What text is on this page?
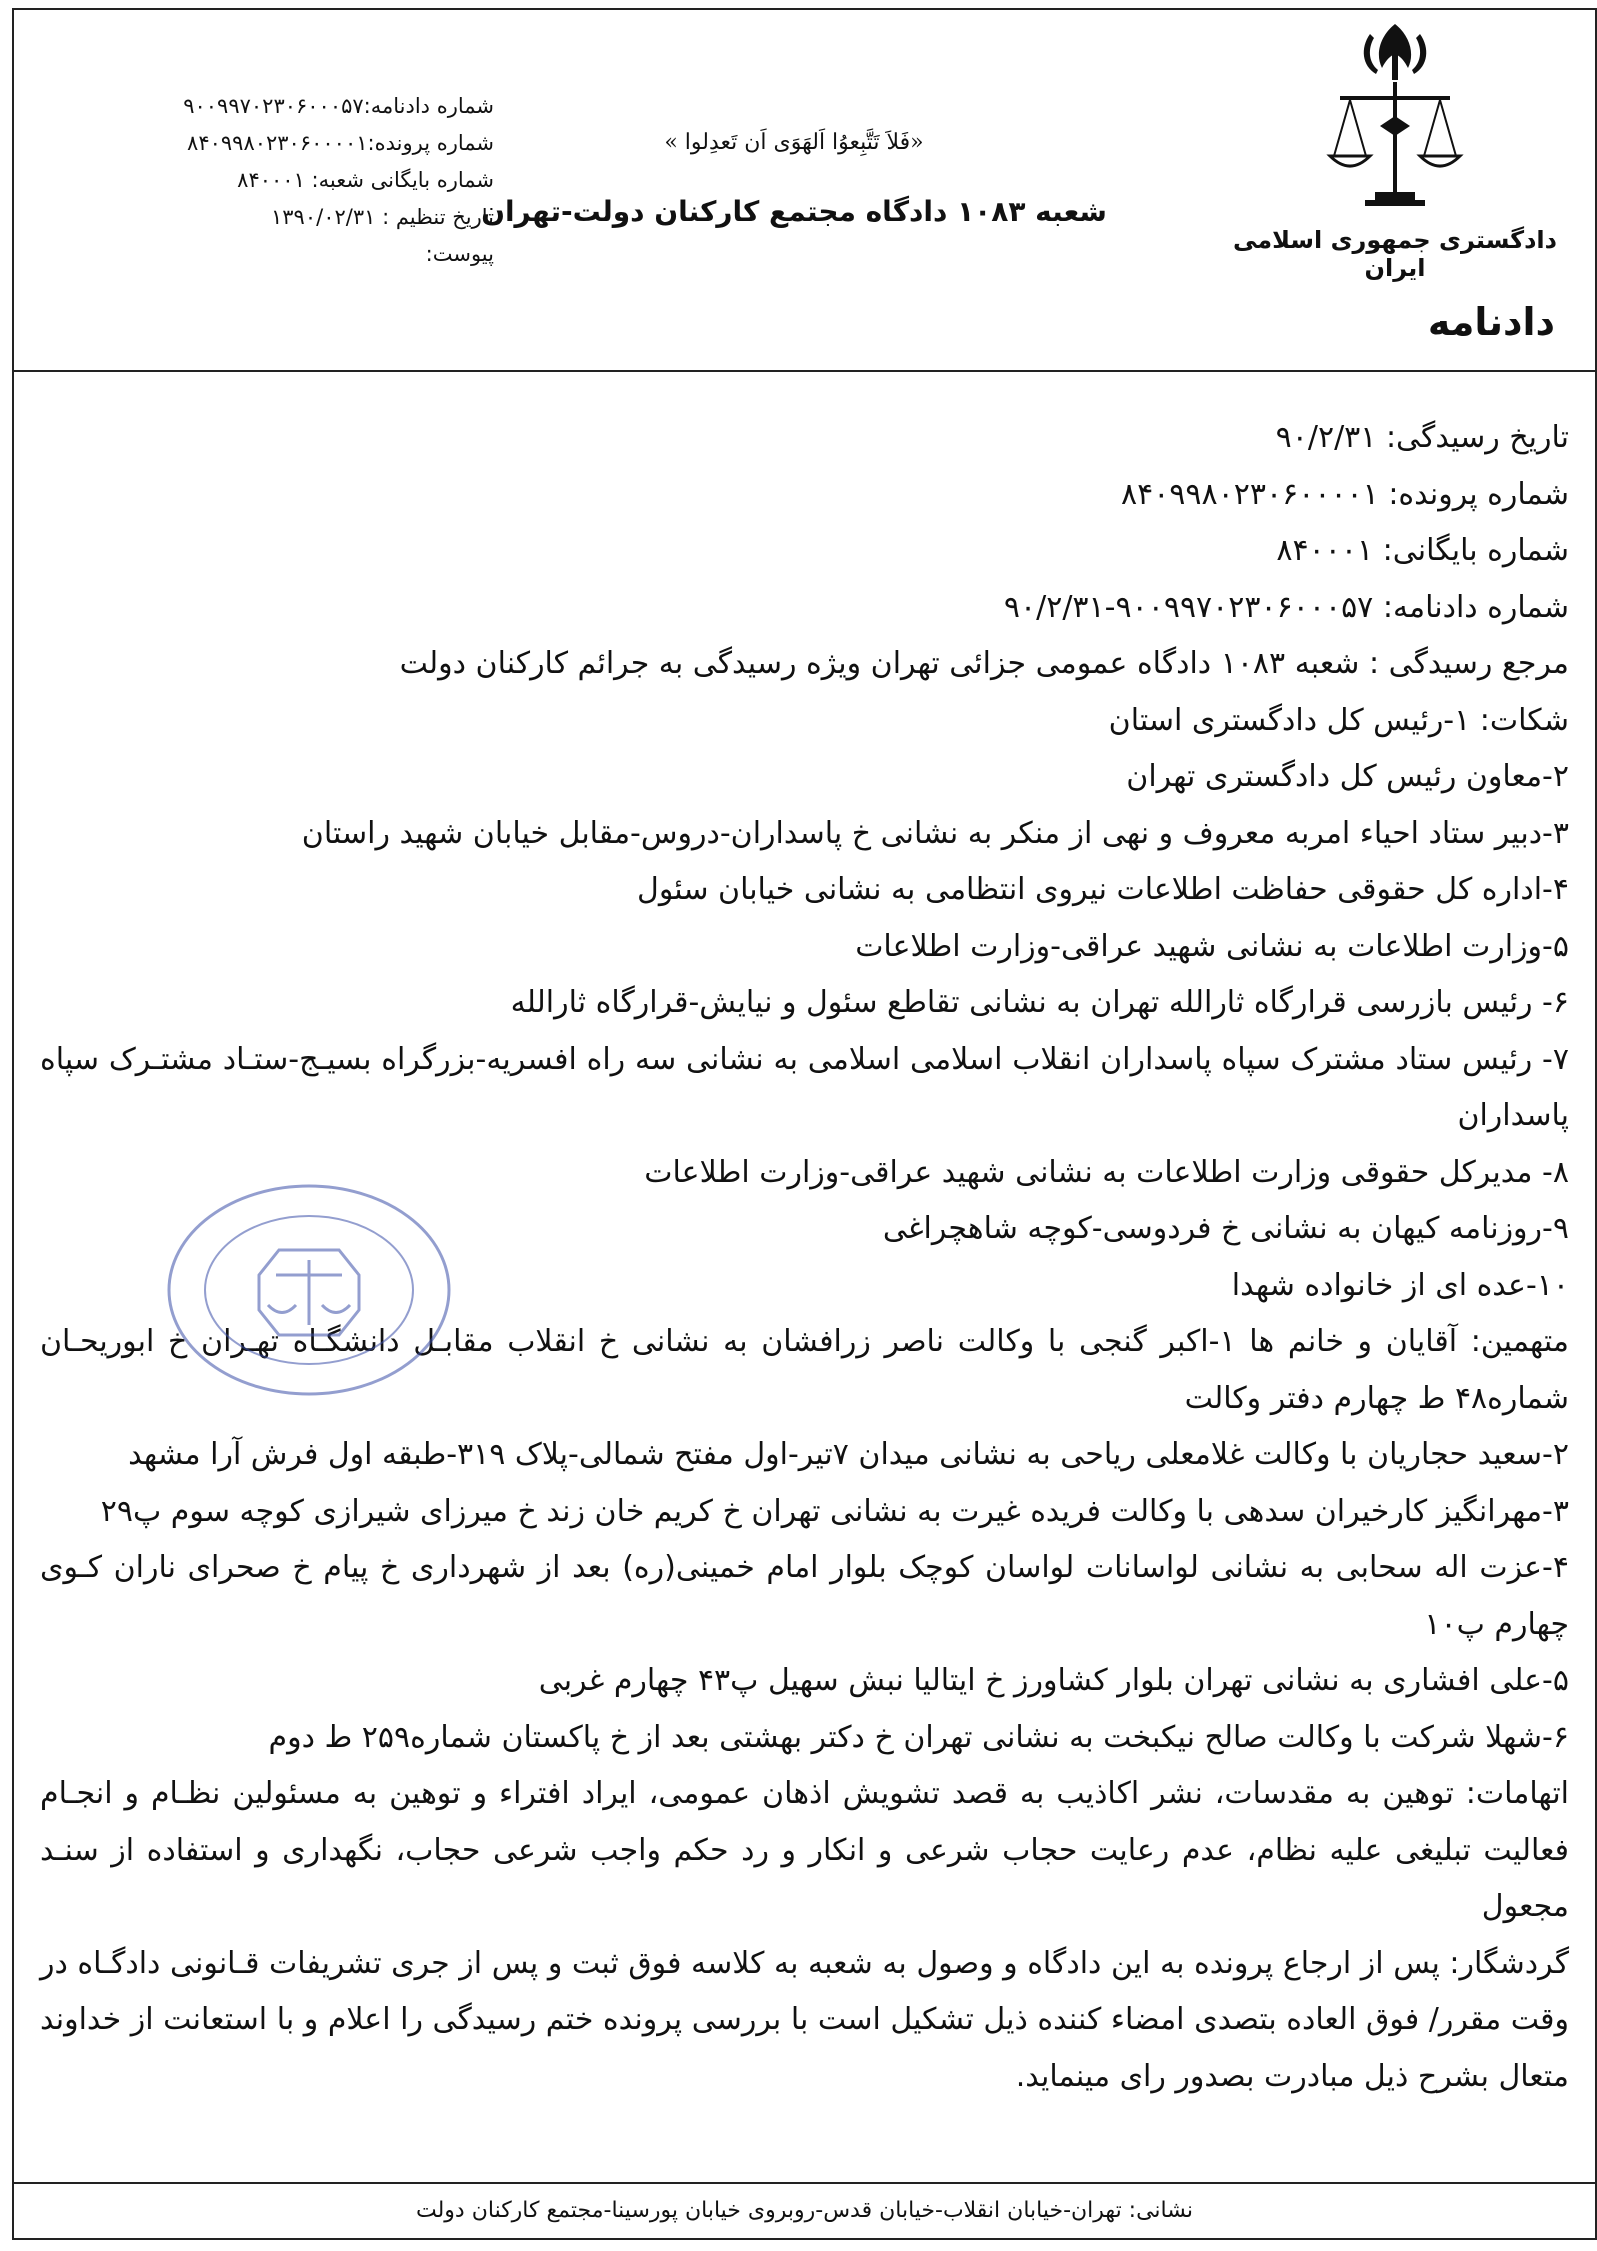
دادگستری جمهوری اسلامی ایران
دادنامه
«فَلاَ تَتَّبِعوُا اَلهَوَی اَن تَعدِلوا »
شعبه ۱۰۸۳ دادگاه مجتمع کارکنان دولت-تهران
شماره دادنامه:۹۰۰۹۹۷۰۲۳۰۶۰۰۰۵۷
شماره پرونده:۸۴۰۹۹۸۰۲۳۰۶۰۰۰۰۱
شماره بایگانی شعبه: ۸۴۰۰۰۱
تاریخ تنظیم : ۱۳۹۰/۰۲/۳۱
پیوست:

تاریخ رسیدگی: ۹۰/۲/۳۱

شماره پرونده: ۸۴۰۹۹۸۰۲۳۰۶۰۰۰۰۱

شماره بایگانی: ۸۴۰۰۰۱

شماره دادنامه: ۹۰۰۹۹۷۰۲۳۰۶۰۰۰۵۷-۹۰/۲/۳۱

مرجع رسیدگی : شعبه ۱۰۸۳ دادگاه عمومی جزائی تهران ویژه رسیدگی به جرائم کارکنان دولت

شکات: ۱-رئیس کل دادگستری استان

۲-معاون رئیس کل دادگستری تهران

۳-دبیر ستاد احیاء امربه معروف و نهی از منکر به نشانی خ پاسداران-دروس-مقابل خیابان شهید راستان

۴-اداره کل حقوقی حفاظت اطلاعات نیروی انتظامی به نشانی خیابان سئول

۵-وزارت اطلاعات به نشانی شهید عراقی-وزارت اطلاعات

۶- رئیس بازرسی قرارگاه ثارالله تهران به نشانی تقاطع سئول و نیایش-قرارگاه ثارالله

۷- رئیس ستاد مشترک سپاه پاسداران انقلاب اسلامی اسلامی به نشانی سه راه افسریه-بزرگراه بسیـج-ستـاد مشتـرک سپاه پاسداران

۸- مدیرکل حقوقی وزارت اطلاعات به نشانی شهید عراقی-وزارت اطلاعات

۹-روزنامه کیهان به نشانی خ فردوسی-کوچه شاهچراغی

۱۰-عده ای از خانواده شهدا

متهمین: آقایان و خانم ها ۱-اکبر گنجی با وکالت ناصر زرافشان به نشانی خ انقلاب مقابـل دانشگـاه تهـران خ ابوریحـان شماره۴۸ ط چهارم دفتر وکالت

۲-سعید حجاریان با وکالت غلامعلی ریاحی به نشانی میدان ۷تیر-اول مفتح شمالی-پلاک ۳۱۹-طبقه اول فرش آرا مشهد

۳-مهرانگیز کارخیران سدهی با وکالت فریده غیرت به نشانی تهران خ کریم خان زند خ میرزای شیرازی کوچه سوم پ۲۹

۴-عزت اله سحابی به نشانی لواسانات لواسان کوچک بلوار امام خمینی(ره) بعد از شهرداری خ پیام خ صحرای ناران کـوی چهارم پ۱۰

۵-علی افشاری به نشانی تهران بلوار کشاورز خ ایتالیا نبش سهیل پ۴۳ چهارم غربی

۶-شهلا شرکت با وکالت صالح نیکبخت به نشانی تهران خ دکتر بهشتی بعد از خ پاکستان شماره۲۵۹ ط دوم

اتهامات: توهین به مقدسات، نشر اکاذیب به قصد تشویش اذهان عمومی، ایراد افتراء و توهین به مسئولین نظـام و انجـام فعالیت تبلیغی علیه نظام، عدم رعایت حجاب شرعی و انکار و رد حکم واجب شرعی حجاب، نگهداری و استفاده از سنـد مجعول

گردشگار: پس از ارجاع پرونده به این دادگاه و وصول به شعبه به کلاسه فوق ثبت و پس از جری تشریفات قـانونی دادگـاه در وقت مقرر/ فوق العاده بتصدی امضاء کننده ذیل تشکیل است با بررسی پرونده ختم رسیدگی را اعلام و با استعانت از خداوند متعال بشرح ذیل مبادرت بصدور رای مینماید.

نشانی: تهران-خیابان انقلاب-خیابان قدس-روبروی خیابان پورسینا-مجتمع کارکنان دولت
